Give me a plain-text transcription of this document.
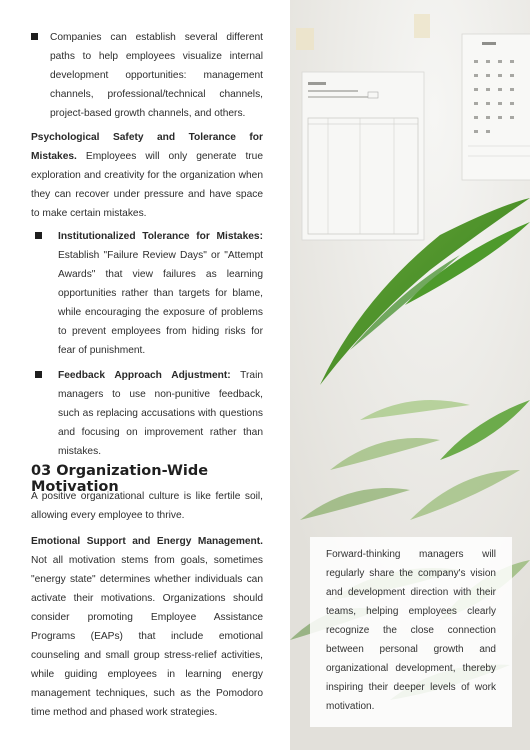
Companies can establish several different paths to help employees visualize internal development opportunities: management channels, professional/technical channels, project-based growth channels, and others.
Psychological Safety and Tolerance for Mistakes. Employees will only generate true exploration and creativity for the organization when they can recover under pressure and have space to make certain mistakes.
Institutionalized Tolerance for Mistakes: Establish "Failure Review Days" or "Attempt Awards" that view failures as learning opportunities rather than targets for blame, while encouraging the exposure of problems to prevent employees from hiding risks for fear of punishment.
Feedback Approach Adjustment: Train managers to use non-punitive feedback, such as replacing accusations with questions and focusing on improvement rather than mistakes.
03 Organization-Wide Motivation
A positive organizational culture is like fertile soil, allowing every employee to thrive.
Emotional Support and Energy Management. Not all motivation stems from goals, sometimes "energy state" determines whether individuals can activate their motivations. Organizations should consider promoting Employee Assistance Programs (EAPs) that include emotional counseling and small group stress-relief activities, while guiding employees in learning energy management techniques, such as the Pomodoro time method and phased work strategies.
Forward-thinking managers will regularly share the company's vision and development direction with their teams, helping employees clearly recognize the close connection between personal growth and organizational development, thereby inspiring their deeper levels of work motivation.
